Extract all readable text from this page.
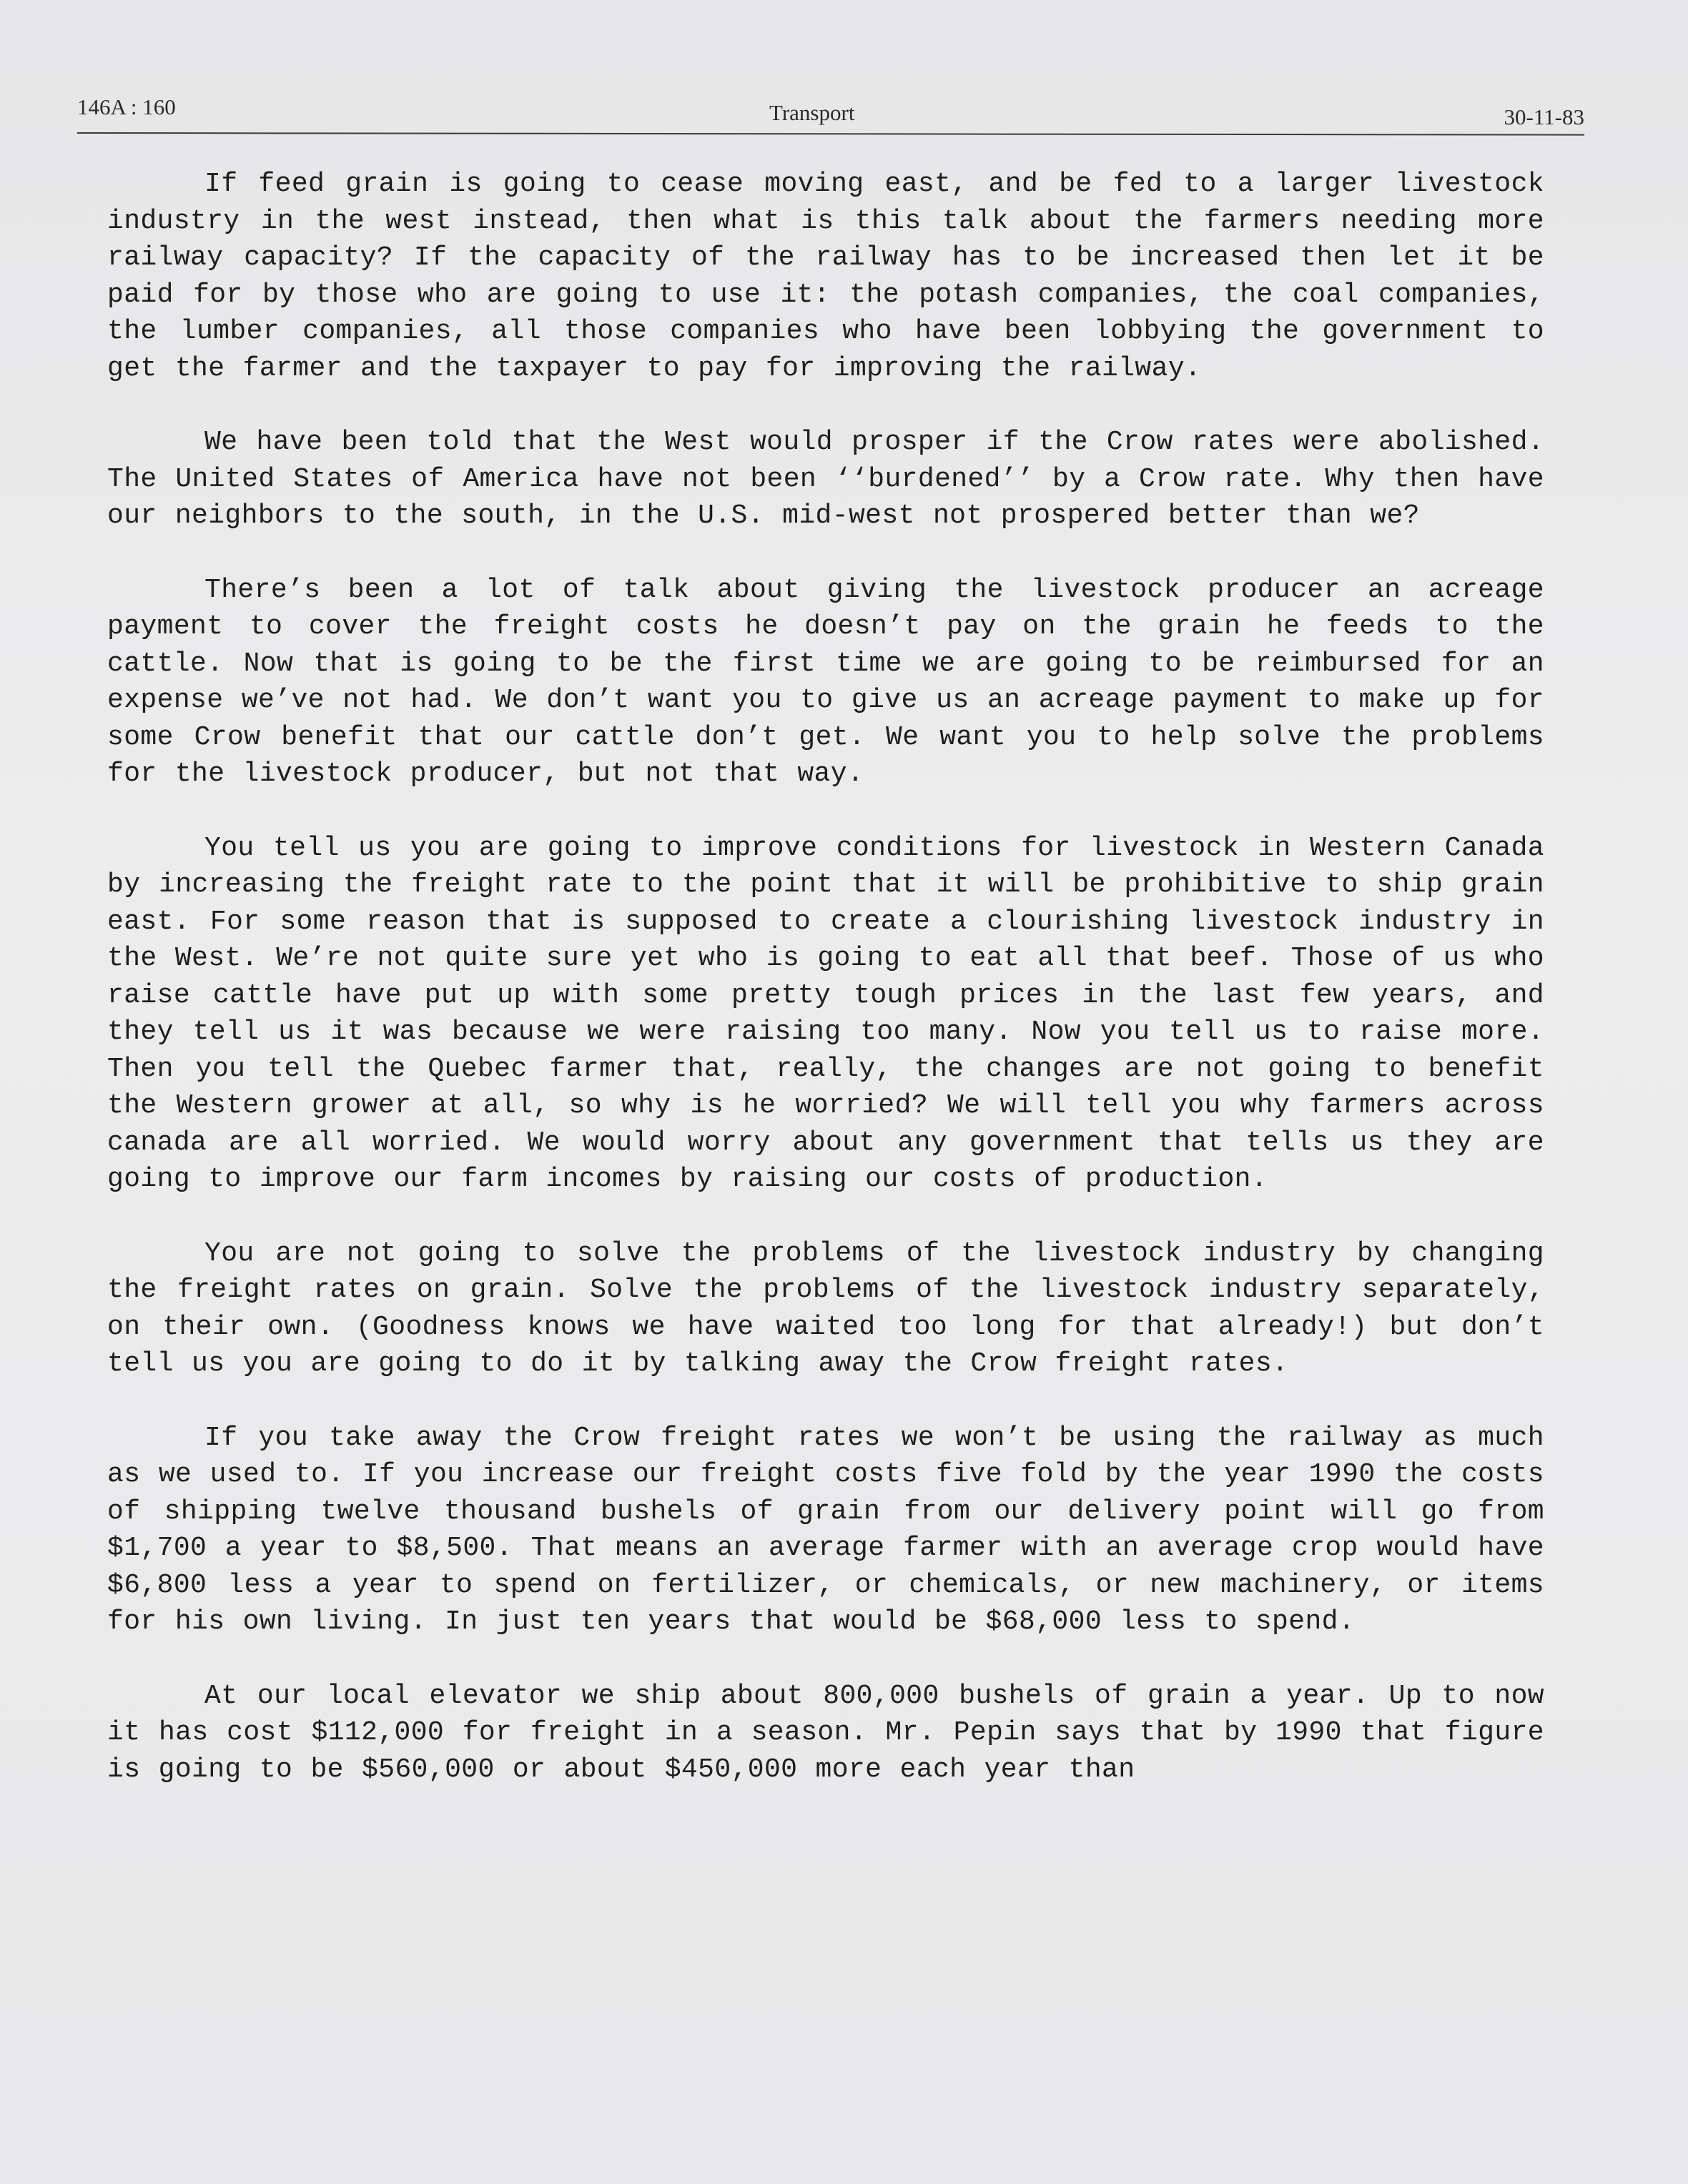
146A : 160	Transport	30-11-83

If feed grain is going to cease moving east, and be fed to a larger livestock industry in the west instead, then what is this talk about the farmers needing more railway capacity? If the capacity of the railway has to be increased then let it be paid for by those who are going to use it: the potash companies, the coal companies, the lumber companies, all those companies who have been lobbying the government to get the farmer and the taxpayer to pay for improving the railway.

We have been told that the West would prosper if the Crow rates were abolished. The United States of America have not been ‘‘burdened’’ by a Crow rate. Why then have our neighbors to the south, in the U.S. mid-west not prospered better than we?

There’s been a lot of talk about giving the livestock producer an acreage payment to cover the freight costs he doesn’t pay on the grain he feeds to the cattle. Now that is going to be the first time we are going to be reimbursed for an expense we’ve not had. We don’t want you to give us an acreage payment to make up for some Crow benefit that our cattle don’t get. We want you to help solve the problems for the livestock producer, but not that way.

You tell us you are going to improve conditions for livestock in Western Canada by increasing the freight rate to the point that it will be prohibitive to ship grain east. For some reason that is supposed to create a clourishing livestock industry in the West. We’re not quite sure yet who is going to eat all that beef. Those of us who raise cattle have put up with some pretty tough prices in the last few years, and they tell us it was because we were raising too many. Now you tell us to raise more. Then you tell the Quebec farmer that, really, the changes are not going to benefit the Western grower at all, so why is he worried? We will tell you why farmers across canada are all worried. We would worry about any government that tells us they are going to improve our farm incomes by raising our costs of production.

You are not going to solve the problems of the livestock industry by changing the freight rates on grain. Solve the problems of the livestock industry separately, on their own. (Goodness knows we have waited too long for that already!) but don’t tell us you are going to do it by talking away the Crow freight rates.

If you take away the Crow freight rates we won’t be using the railway as much as we used to. If you increase our freight costs five fold by the year 1990 the costs of shipping twelve thousand bushels of grain from our delivery point will go from $1,700 a year to $8,500. That means an average farmer with an average crop would have $6,800 less a year to spend on fertilizer, or chemicals, or new machinery, or items for his own living. In just ten years that would be $68,000 less to spend.

At our local elevator we ship about 800,000 bushels of grain a year. Up to now it has cost $112,000 for freight in a season. Mr. Pepin says that by 1990 that figure is going to be $560,000 or about $450,000 more each year than
